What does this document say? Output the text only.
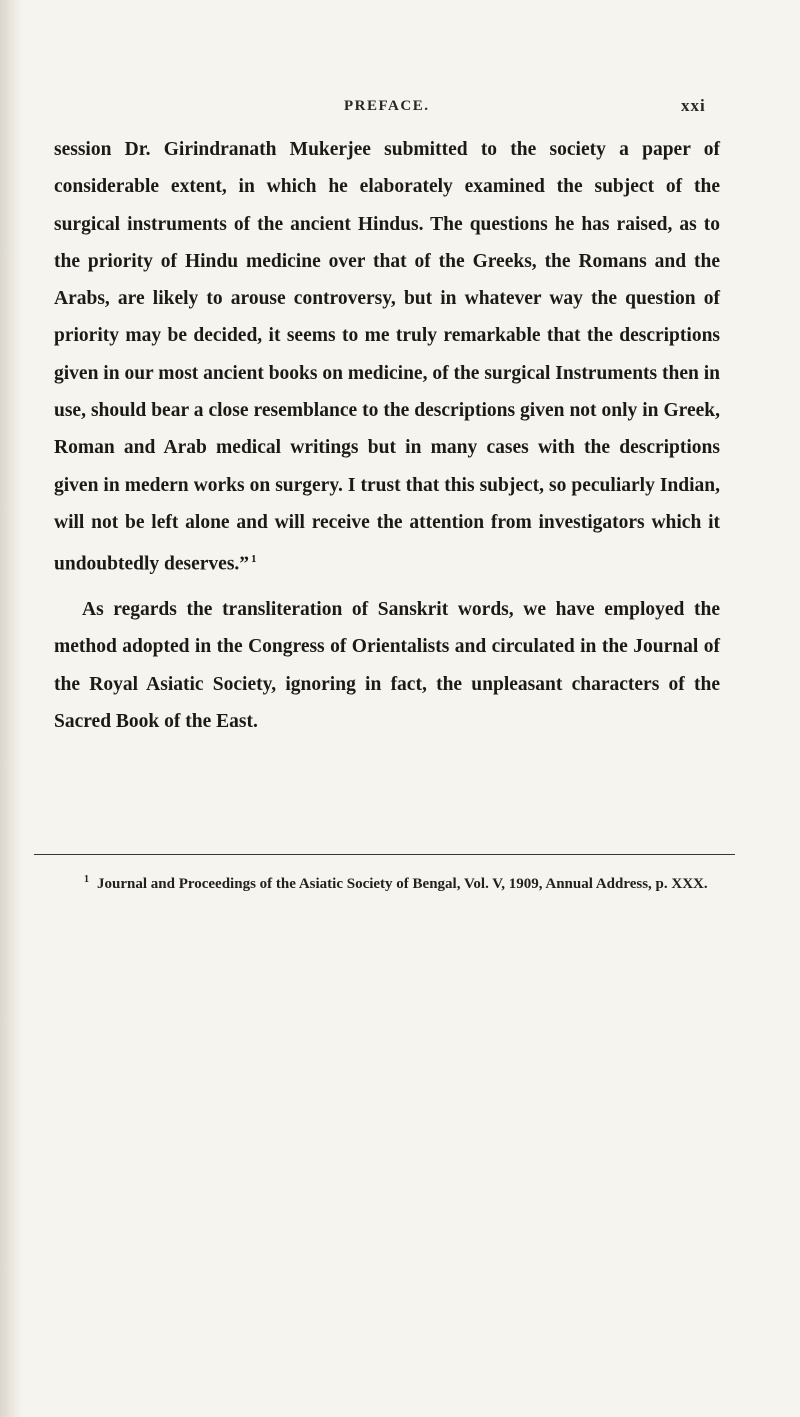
PREFACE.	xxi

session Dr. Girindranath Mukerjee submitted to the society a paper of considerable extent, in which he elaborately examined the subject of the surgical instruments of the ancient Hindus. The questions he has raised, as to the priority of Hindu medicine over that of the Greeks, the Romans and the Arabs, are likely to arouse controversy, but in whatever way the question of priority may be decided, it seems to me truly remarkable that the descriptions given in our most ancient books on medicine, of the surgical Instruments then in use, should bear a close resemblance to the descriptions given not only in Greek, Roman and Arab medical writings but in many cases with the descriptions given in medern works on surgery. I trust that this subject, so peculiarly Indian, will not be left alone and will receive the attention from investigators which it undoubtedly deserves.” $^1$

As regards the transliteration of Sanskrit words, we have employed the method adopted in the Congress of Orientalists and circulated in the Journal of the Royal Asiatic Society, ignoring in fact, the unpleasant characters of the Sacred Book of the East.

$^1$ Journal and Proceedings of the Asiatic Society of Bengal, Vol. V, 1909, Annual Address, p. XXX.
